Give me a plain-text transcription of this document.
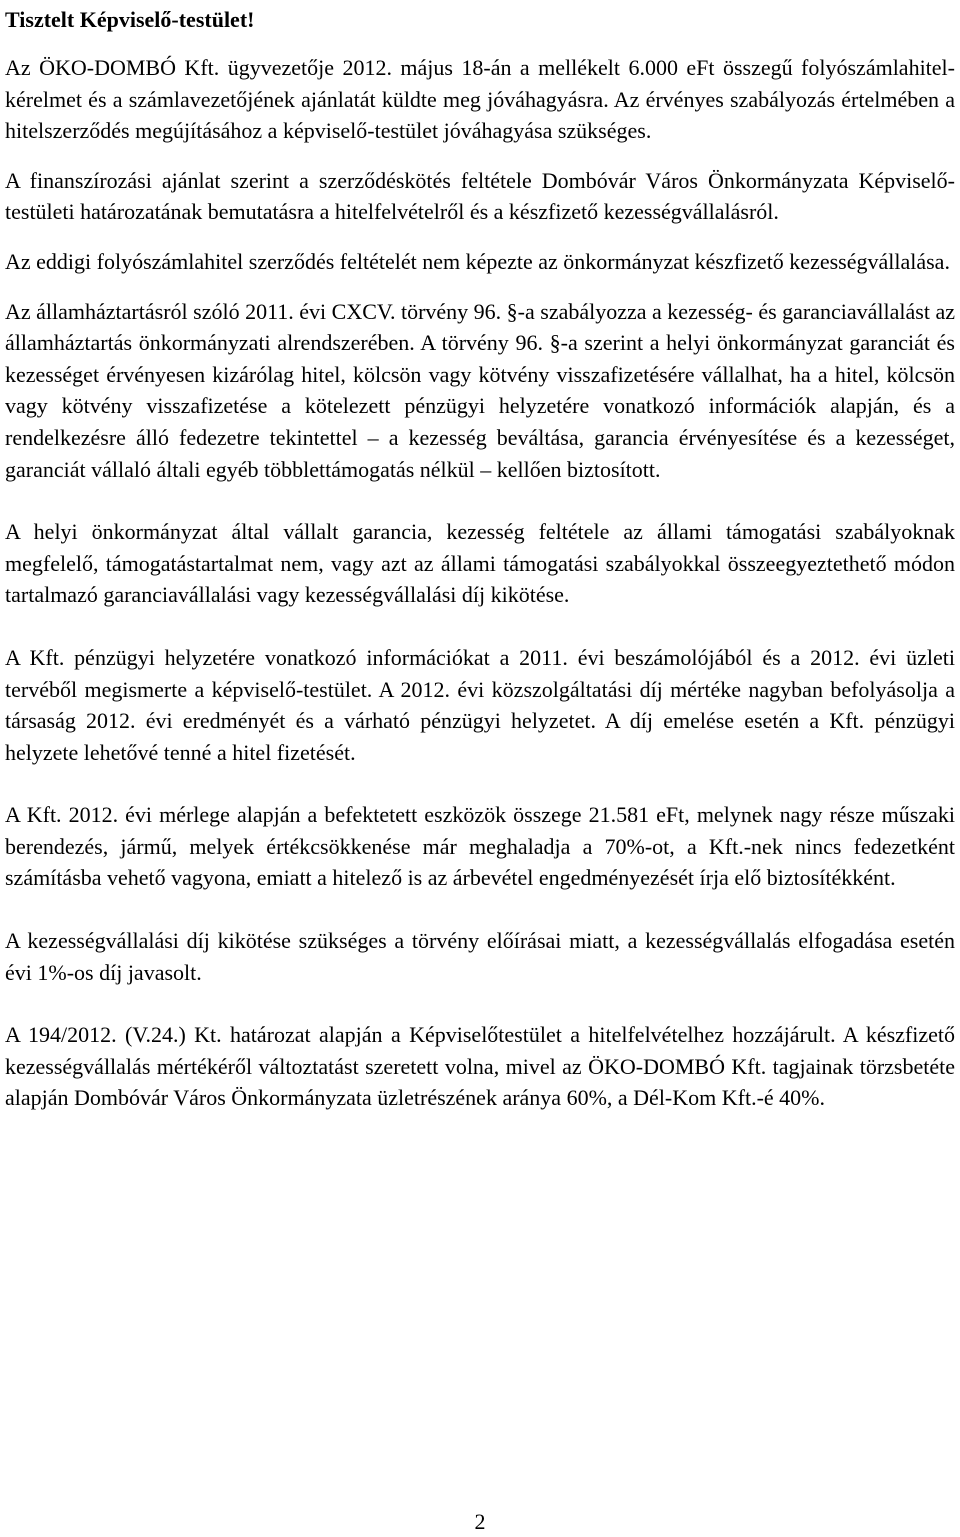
Tisztelt Képviselő-testület!

Az ÖKO-DOMBÓ Kft. ügyvezetője 2012. május 18-án a mellékelt 6.000 eFt összegű folyószámlahitel-kérelmet és a számlavezetőjének ajánlatát küldte meg jóváhagyásra. Az érvényes szabályozás értelmében a hitelszerződés megújításához a képviselő-testület jóváhagyása szükséges.

A finanszírozási ajánlat szerint a szerződéskötés feltétele Dombóvár Város Önkormányzata Képviselő-testületi határozatának bemutatásra a hitelfelvételről és a készfizető kezességvállalásról.

Az eddigi folyószámlahitel szerződés feltételét nem képezte az önkormányzat készfizető kezességvállalása.

Az államháztartásról szóló 2011. évi CXCV. törvény 96. §-a szabályozza a kezesség- és garanciavállalást az államháztartás önkormányzati alrendszerében. A törvény 96. §-a szerint a helyi önkormányzat garanciát és kezességet érvényesen kizárólag hitel, kölcsön vagy kötvény visszafizetésére vállalhat, ha a hitel, kölcsön vagy kötvény visszafizetése a kötelezett pénzügyi helyzetére vonatkozó információk alapján, és a rendelkezésre álló fedezetre tekintettel – a kezesség beváltása, garancia érvényesítése és a kezességet, garanciát vállaló általi egyéb többlettámogatás nélkül – kellően biztosított.

A helyi önkormányzat által vállalt garancia, kezesség feltétele az állami támogatási szabályoknak megfelelő, támogatástartalmat nem, vagy azt az állami támogatási szabályokkal összeegyeztethető módon tartalmazó garanciavállalási vagy kezességvállalási díj kikötése.

A Kft. pénzügyi helyzetére vonatkozó információkat a 2011. évi beszámolójából és a 2012. évi üzleti tervéből megismerte a képviselő-testület. A 2012. évi közszolgáltatási díj mértéke nagyban befolyásolja a társaság 2012. évi eredményét és a várható pénzügyi helyzetet. A díj emelése esetén a Kft. pénzügyi helyzete lehetővé tenné a hitel fizetését.

A Kft. 2012. évi mérlege alapján a befektetett eszközök összege 21.581 eFt, melynek nagy része műszaki berendezés, jármű, melyek értékcsökkenése már meghaladja a 70%-ot, a Kft.-nek nincs fedezetként számításba vehető vagyona, emiatt a hitelező is az árbevétel engedményezését írja elő biztosítékként.

A kezességvállalási díj kikötése szükséges a törvény előírásai miatt, a kezességvállalás elfogadása esetén évi 1%-os díj javasolt.

A 194/2012. (V.24.) Kt. határozat alapján a Képviselőtestület a hitelfelvételhez hozzájárult. A készfizető kezességvállalás mértékéről változtatást szeretett volna, mivel az ÖKO-DOMBÓ Kft. tagjainak törzsbetéte alapján Dombóvár Város Önkormányzata üzletrészének aránya 60%, a Dél-Kom Kft.-é 40%.

2
